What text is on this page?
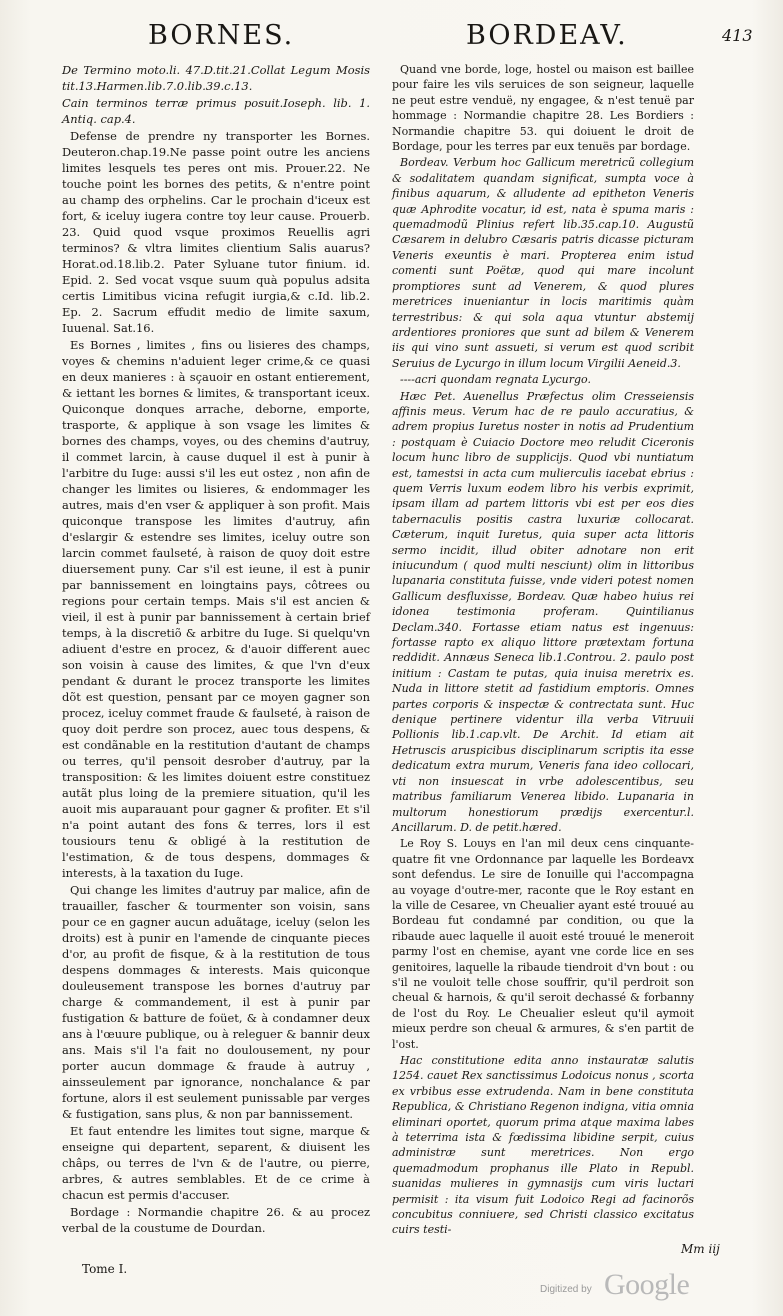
BORNES.	BORDEAV.	413

De Termino moto.li. 47.D.tit.21.Collat Legum Mosis tit.13.Harmen.lib.7.0.lib.39.c.13.

Cain terminos terræ primus posuit.Ioseph. lib. 1. Antiq. cap.4.

Defense de prendre ny transporter les Bornes. Deuteron.chap.19.Ne passe point outre les anciens limites lesquels tes peres ont mis. Prouer.22. Ne touche point les bornes des petits, & n'entre point au champ des orphelins. Car le prochain d'iceux est fort, & iceluy iugera contre toy leur cause. Prouerb. 23. Quid quod vsque proximos Reuellis agri terminos? & vltra limites clientium Salis auarus? Horat.od.18.lib.2. Pater Syluane tutor finium. id. Epid. 2. Sed vocat vsque suum quà populus adsita certis Limitibus vicina refugit iurgia,& c.Id. lib.2. Ep. 2. Sacrum effudit medio de limite saxum, Iuuenal. Sat.16.

Es Bornes , limites , fins ou lisieres des champs, voyes & chemins n'aduient leger crime,& ce quasi en deux manieres : à sçauoir en ostant entierement, & iettant les bornes & limites, & transportant iceux. Quiconque donques arrache, deborne, emporte, trasporte, & applique à son vsage les limites & bornes des champs, voyes, ou des chemins d'autruy, il commet larcin, à cause duquel il est à punir à l'arbitre du Iuge: aussi s'il les eut ostez , non afin de changer les limites ou lisieres, & endommager les autres, mais d'en vser & appliquer à son profit. Mais quiconque transpose les limites d'autruy, afin d'eslargir & estendre ses limites, iceluy outre son larcin commet faulseté, à raison de quoy doit estre diuersement puny. Car s'il est ieune, il est à punir par bannissement en loingtains pays, côtrees ou regions pour certain temps. Mais s'il est ancien & vieil, il est à punir par bannissement à certain brief temps, à la discretiõ & arbitre du Iuge. Si quelqu'vn adiuent d'estre en procez, & d'auoir different auec son voisin à cause des limites, & que l'vn d'eux pendant & durant le procez transporte les limites dõt est question, pensant par ce moyen gagner son procez, iceluy commet fraude & faulseté, à raison de quoy doit perdre son procez, auec tous despens, & est condãnable en la restitution d'autant de champs ou terres, qu'il pensoit desrober d'autruy, par la transposition: & les limites doiuent estre constituez autãt plus loing de la premiere situation, qu'il les auoit mis auparauant pour gagner & profiter. Et s'il n'a point autant des fons & terres, lors il est tousiours tenu & obligé à la restitution de l'estimation, & de tous despens, dommages & interests, à la taxation du Iuge.

Qui change les limites d'autruy par malice, afin de trauailler, fascher & tourmenter son voisin, sans pour ce en gagner aucun aduãtage, iceluy (selon les droits) est à punir en l'amende de cinquante pieces d'or, au profit de fisque, & à la restitution de tous despens dommages & interests. Mais quiconque douleusement transpose les bornes d'autruy par charge & commandement, il est à punir par fustigation & batture de foüet, & à condamner deux ans à l'œuure publique, ou à releguer & bannir deux ans. Mais s'il l'a fait no doulousement, ny pour porter aucun dommage & fraude à autruy , ainsseulement par ignorance, nonchalance & par fortune, alors il est seulement punissable par verges & fustigation, sans plus, & non par bannissement.

Et faut entendre les limites tout signe, marque & enseigne qui departent, separent, & diuisent les châps, ou terres de l'vn & de l'autre, ou pierre, arbres, & autres semblables. Et de ce crime à chacun est permis d'accuser.

Bordage : Normandie chapitre 26. & au procez verbal de la coustume de Dourdan.

Quand vne borde, loge, hostel ou maison est baillee pour faire les vils seruices de son seigneur, laquelle ne peut estre venduë, ny engagee, & n'est tenuë par hommage : Normandie chapitre 28. Les Bordiers : Normandie chapitre 53. qui doiuent le droit de Bordage, pour les terres par eux tenuës par bordage.

Bordeav. Verbum hoc Gallicum meretricũ collegium & sodalitatem quandam significat, sumpta voce à finibus aquarum, & alludente ad epitheton Veneris quæ Aphrodite vocatur, id est, nata è spuma maris : quemadmodũ Plinius refert lib.35.cap.10. Augustũ Cæsarem in delubro Cæsaris patris dicasse picturam Veneris exeuntis è mari. Propterea enim istud comenti sunt Poëtæ, quod qui mare incolunt promptiores sunt ad Venerem, & quod plures meretrices inueniantur in locis maritimis quàm terrestribus: & qui sola aqua vtuntur abstemij ardentiores proniores que sunt ad bilem & Venerem iis qui vino sunt assueti, si verum est quod scribit Seruius de Lycurgo in illum locum Virgilii Aeneid.3.

----acri quondam regnata Lycurgo.

Hæc Pet. Auenellus Præfectus olim Cresseiensis affinis meus. Verum hac de re paulo accuratius, & adrem propius Iuretus noster in notis ad Prudentium : postquam è Cuiacio Doctore meo reludit Ciceronis locum hunc libro de supplicijs. Quod vbi nuntiatum est, tamestsi in acta cum mulierculis iacebat ebrius : quem Verris luxum eodem libro his verbis exprimit, ipsam illam ad partem littoris vbi est per eos dies tabernaculis positis castra luxuriæ collocarat. Cæterum, inquit Iuretus, quia super acta littoris sermo incidit, illud obiter adnotare non erit iniucundum ( quod multi nesciunt) olim in littoribus lupanaria constituta fuisse, vnde videri potest nomen Gallicum desfluxisse, Bordeav. Quæ habeo huius rei idonea testimonia proferam. Quintilianus Declam.340. Fortasse etiam natus est ingenuus: fortasse rapto ex aliquo littore prætextam fortuna reddidit. Annæus Seneca lib.1.Controu. 2. paulo post initium : Castam te putas, quia inuisa meretrix es. Nuda in littore stetit ad fastidium emptoris. Omnes partes corporis & inspectæ & contrectata sunt. Huc denique pertinere videntur illa verba Vitruuii Pollionis lib.1.cap.vlt. De Archit. Id etiam ait Hetruscis aruspicibus disciplinarum scriptis ita esse dedicatum extra murum, Veneris fana ideo collocari, vti non insuescat in vrbe adolescentibus, seu matribus familiarum Venerea libido. Lupanaria in multorum honestiorum prædijs exercentur.l. Ancillarum. D. de petit.hæred.

Le Roy S. Louys en l'an mil deux cens cinquante-quatre fit vne Ordonnance par laquelle les Bordeavx sont defendus. Le sire de Ionuille qui l'accompagna au voyage d'outre-mer, raconte que le Roy estant en la ville de Cesaree, vn Cheualier ayant esté trouué au Bordeau fut condamné par condition, ou que la ribaude auec laquelle il auoit esté trouué le meneroit parmy l'ost en chemise, ayant vne corde lice en ses genitoires, laquelle la ribaude tiendroit d'vn bout : ou s'il ne vouloit telle chose souffrir, qu'il perdroit son cheual & harnois, & qu'il seroit dechassé & forbanny de l'ost du Roy. Le Cheualier esleut qu'il aymoit mieux perdre son cheual & armures, & s'en partit de l'ost.

Hac constitutione edita anno instauratæ salutis 1254. cauet Rex sanctissimus Lodoicus nonus , scorta ex vrbibus esse extrudenda. Nam in bene constituta Republica, & Christiano Regenon indigna, vitia omnia eliminari oportet, quorum prima atque maxima labes à teterrima ista & fœdissima libidine serpit, cuius administræ sunt meretrices. Non ergo quemadmodum prophanus ille Plato in Republ. suanidas mulieres in gymnasijs cum viris luctari permisit : ita visum fuit Lodoico Regi ad facinorõs concubitus conniuere, sed Christi classico excitatus cuirs testi-

Tome I.
Mm iij
Digitized by Google
